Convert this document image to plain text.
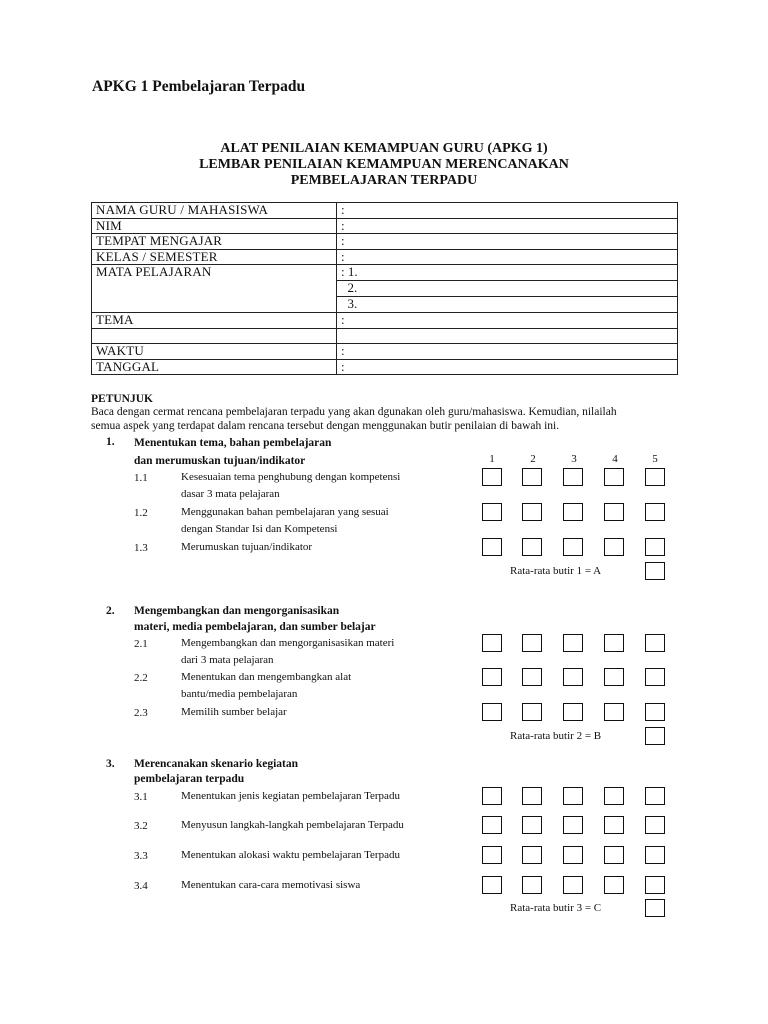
APKG 1 Pembelajaran Terpadu
ALAT PENILAIAN KEMAMPUAN GURU (APKG 1)
LEMBAR PENILAIAN KEMAMPUAN MERENCANAKAN
PEMBELAJARAN TERPADU
NAMA GURU / MAHASISWA	:
NIM	:
TEMPAT MENGAJAR	:
KELAS / SEMESTER	:
MATA PELAJARAN	: 1.
	2.
	3.
TEMA	:

WAKTU	:
TANGGAL	:
PETUNJUK
Baca dengan cermat rencana pembelajaran terpadu yang akan dgunakan oleh guru/mahasiswa. Kemudian, nilailah
semua aspek yang terdapat dalam rencana tersebut dengan menggunakan butir penilaian di bawah ini.
1	2	3	4	5
1. Menentukan tema, bahan pembelajaran
dan merumuskan tujuan/indikator
1.1	Kesesuaian tema penghubung dengan kompetensi
dasar 3 mata pelajaran
1.2	Menggunakan bahan pembelajaran yang sesuai
dengan Standar Isi dan Kompetensi
1.3	Merumuskan tujuan/indikator
Rata-rata butir 1 = A
2. Mengembangkan dan mengorganisasikan
materi, media pembelajaran, dan sumber belajar
2.1	Mengembangkan dan mengorganisasikan materi
dari 3 mata pelajaran
2.2	Menentukan dan mengembangkan alat
bantu/media pembelajaran
2.3	Memilih sumber belajar
Rata-rata butir 2 = B
3. Merencanakan skenario kegiatan
pembelajaran terpadu
3.1	Menentukan jenis kegiatan pembelajaran Terpadu
3.2	Menyusun langkah-langkah pembelajaran Terpadu
3.3	Menentukan alokasi waktu pembelajaran Terpadu
3.4	Menentukan cara-cara memotivasi siswa
Rata-rata butir 3 = C
